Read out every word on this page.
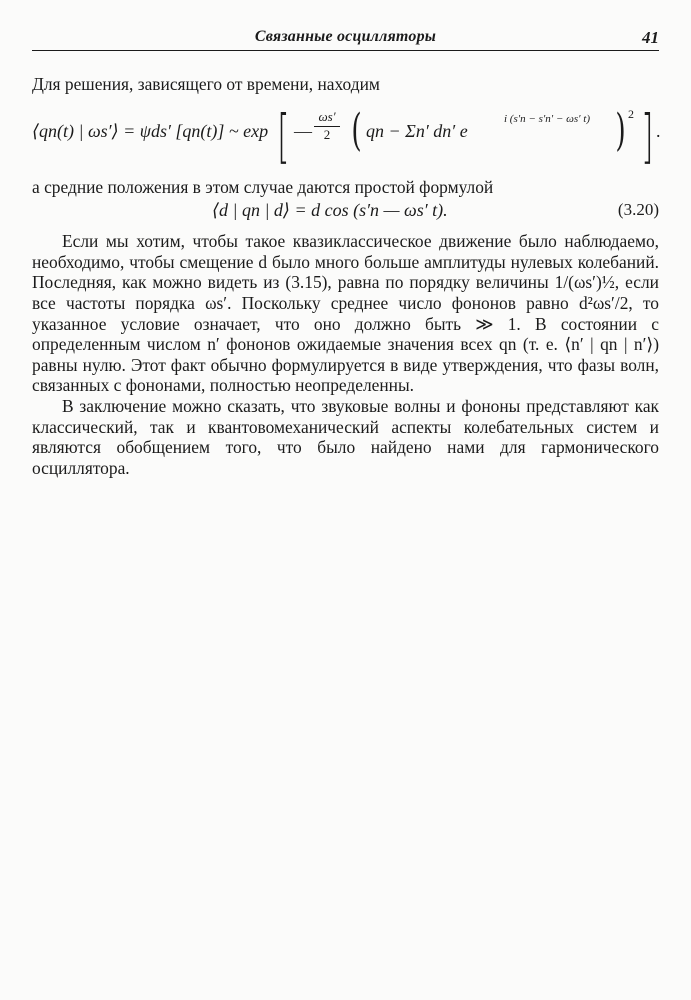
Связанные осцилляторы	41

Для решения, зависящего от времени, находим

⟨qn(t) | ωs′⟩ = ψds′ [qn(t)] ~ exp [ — $\frac{\omega s'}{2}$ ( qn − Σn′ dn′ e
i (s′n − s′n′ − ωs′ t) ) 2 ] .

а средние положения в этом случае даются простой формулой

⟨d | qn | d⟩ = d cos (s′n — ωs′ t).	(3.20)

Если мы хотим, чтобы такое квазиклассическое движение было наблюдаемо, необходимо, чтобы смещение d было много больше амплитуды нулевых колебаний. Последняя, как можно видеть из (3.15), равна по порядку величины 1/(ωs′)½, если все частоты порядка ωs′. Поскольку среднее число фононов равно d²ωs′/2, то указанное условие означает, что оно должно быть ≫ 1. В состоянии с определенным числом n′ фононов ожидаемые значения всех qn (т. е. ⟨n′ | qn | n′⟩) равны нулю. Этот факт обычно формулируется в виде утверждения, что фазы волн, связанных с фононами, полностью неопределенны.

В заключение можно сказать, что звуковые волны и фононы представляют как классический, так и квантовомеханический аспекты колебательных систем и являются обобщением того, что было найдено нами для гармонического осциллятора.
